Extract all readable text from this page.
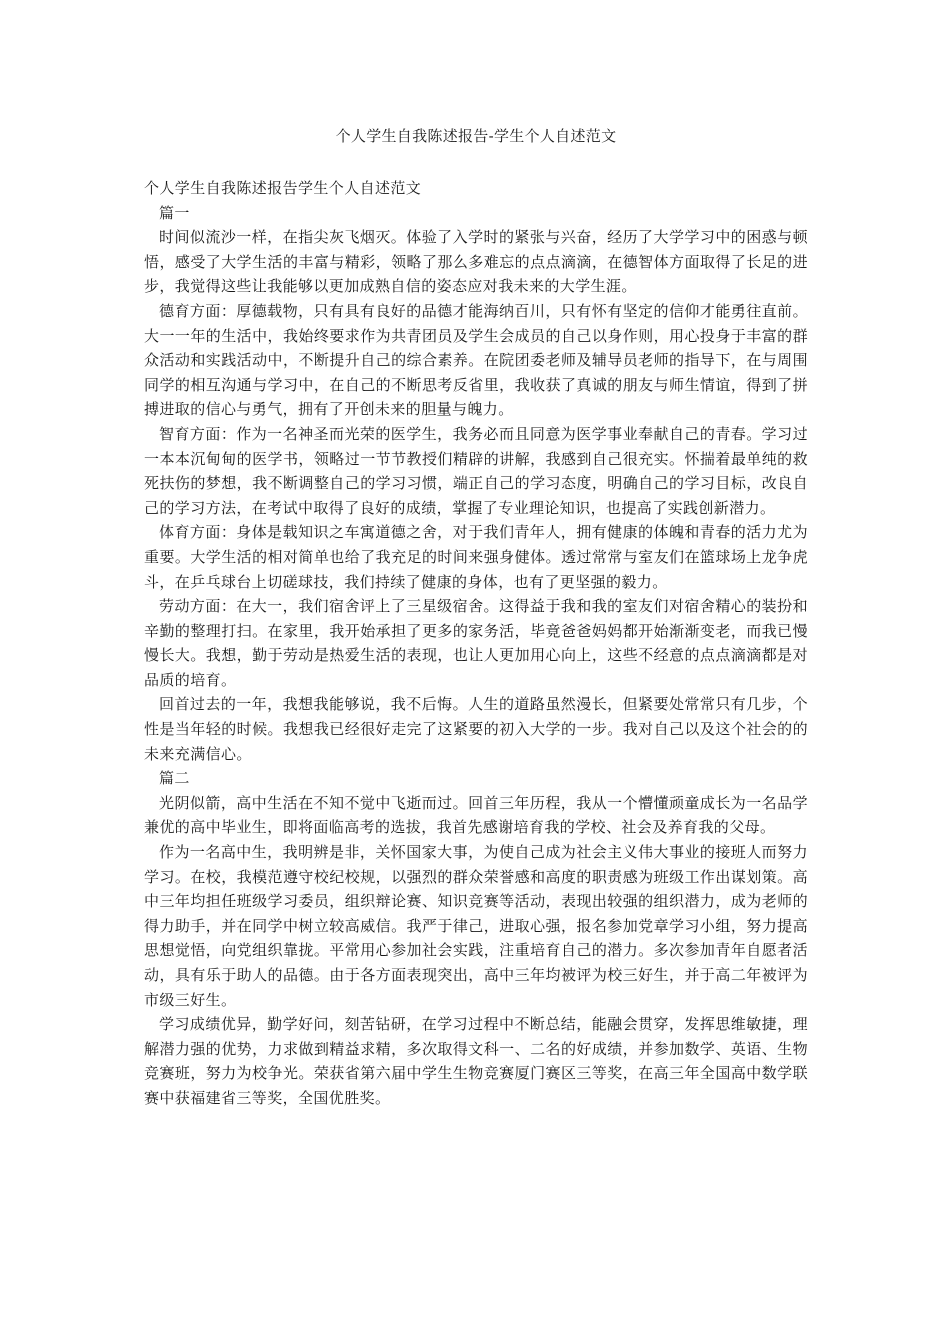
个人学生自我陈述报告-学生个人自述范文

个人学生自我陈述报告学生个人自述范文

篇一

时间似流沙一样，在指尖灰飞烟灭。体验了入学时的紧张与兴奋，经历了大学学习中的困惑与顿悟，感受了大学生活的丰富与精彩，领略了那么多难忘的点点滴滴，在德智体方面取得了长足的进步，我觉得这些让我能够以更加成熟自信的姿态应对我未来的大学生涯。

德育方面：厚德载物，只有具有良好的品德才能海纳百川，只有怀有坚定的信仰才能勇往直前。大一一年的生活中，我始终要求作为共青团员及学生会成员的自己以身作则，用心投身于丰富的群众活动和实践活动中，不断提升自己的综合素养。在院团委老师及辅导员老师的指导下，在与周围同学的相互沟通与学习中，在自己的不断思考反省里，我收获了真诚的朋友与师生情谊，得到了拼搏进取的信心与勇气，拥有了开创未来的胆量与魄力。

智育方面：作为一名神圣而光荣的医学生，我务必而且同意为医学事业奉献自己的青春。学习过一本本沉甸甸的医学书，领略过一节节教授们精辟的讲解，我感到自己很充实。怀揣着最单纯的救死扶伤的梦想，我不断调整自己的学习习惯，端正自己的学习态度，明确自己的学习目标，改良自己的学习方法，在考试中取得了良好的成绩，掌握了专业理论知识，也提高了实践创新潜力。

体育方面：身体是载知识之车寓道德之舍，对于我们青年人，拥有健康的体魄和青春的活力尤为重要。大学生活的相对简单也给了我充足的时间来强身健体。透过常常与室友们在篮球场上龙争虎斗，在乒乓球台上切磋球技，我们持续了健康的身体，也有了更坚强的毅力。

劳动方面：在大一，我们宿舍评上了三星级宿舍。这得益于我和我的室友们对宿舍精心的装扮和辛勤的整理打扫。在家里，我开始承担了更多的家务活，毕竟爸爸妈妈都开始渐渐变老，而我已慢慢长大。我想，勤于劳动是热爱生活的表现，也让人更加用心向上，这些不经意的点点滴滴都是对品质的培育。

回首过去的一年，我想我能够说，我不后悔。人生的道路虽然漫长，但紧要处常常只有几步，个性是当年轻的时候。我想我已经很好走完了这紧要的初入大学的一步。我对自己以及这个社会的的未来充满信心。

篇二

光阴似箭，高中生活在不知不觉中飞逝而过。回首三年历程，我从一个懵懂顽童成长为一名品学兼优的高中毕业生，即将面临高考的选拔，我首先感谢培育我的学校、社会及养育我的父母。

作为一名高中生，我明辨是非，关怀国家大事，为使自己成为社会主义伟大事业的接班人而努力学习。在校，我模范遵守校纪校规，以强烈的群众荣誉感和高度的职责感为班级工作出谋划策。高中三年均担任班级学习委员，组织辩论赛、知识竞赛等活动，表现出较强的组织潜力，成为老师的得力助手，并在同学中树立较高威信。我严于律己，进取心强，报名参加党章学习小组，努力提高思想觉悟，向党组织靠拢。平常用心参加社会实践，注重培育自己的潜力。多次参加青年自愿者活动，具有乐于助人的品德。由于各方面表现突出，高中三年均被评为校三好生，并于高二年被评为市级三好生。

学习成绩优异，勤学好问，刻苦钻研，在学习过程中不断总结，能融会贯穿，发挥思维敏捷，理解潜力强的优势，力求做到精益求精，多次取得文科一、二名的好成绩，并参加数学、英语、生物竞赛班，努力为校争光。荣获省第六届中学生生物竞赛厦门赛区三等奖，在高三年全国高中数学联赛中获福建省三等奖，全国优胜奖。
